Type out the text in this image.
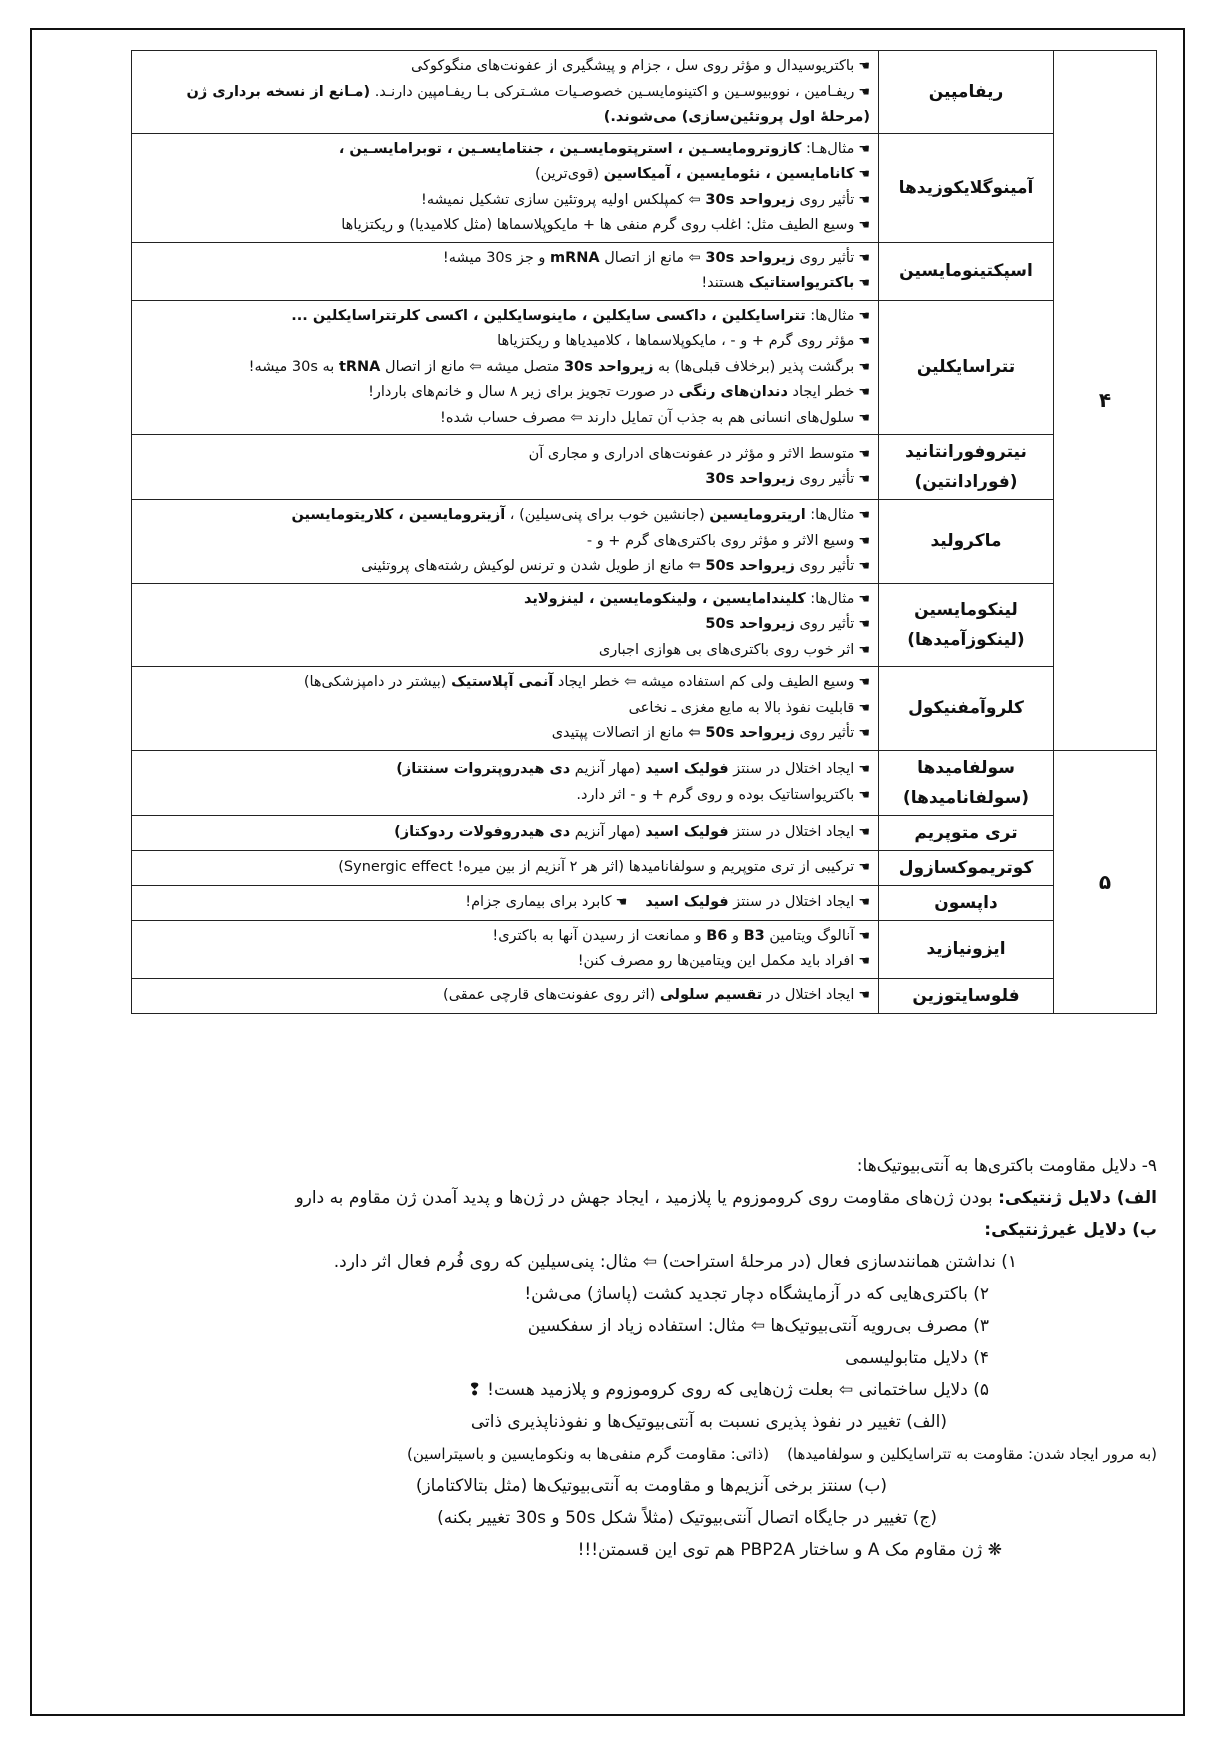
۴	ریفامپین	☚باکتریوسیدال و مؤثر روی سل ، جزام و پیشگیری از عفونت‌های منگوکوکی
☚ریفـامین ، نووبیوسـین و اکتینومایسـین خصوصـیات مشـترکی بـا ریفـامپین دارنـد. (مـانع از نسخه برداری ژن (مرحلهٔ اول پروتئین‌سازی) می‌شوند.)

	آمینوگلایکوزیدها	☚مثال‌هـا: کازوترومایسـین ، استرپتومایسـین ، جنتامایسـین ، توبرامایسـین ،
☚کانامایسین ، نئومایسین ، آمیکاسین (قوی‌ترین)
☚تأثیر روی زیرواحد 30s ⇦ کمپلکس اولیه پروتئین سازی تشکیل نمیشه!
☚وسیع الطیف مثل: اغلب روی گرم منفی ها + مایکوپلاسماها (مثل کلامیدیا) و ریکتزیاها

	اسپکتینومایسین	☚تأثیر روی زیرواحد 30s ⇦ مانع از اتصال mRNA و جز 30s میشه!
☚باکتریواستاتیک هستند!

	تتراسایکلین	☚مثال‌ها: تتراسایکلین ، داکسی سایکلین ، ماینوسایکلین ، اکسی کلرتتراسایکلین ...
☚مؤثر روی گرم + و - ، مایکوپلاسماها ، کلامیدیاها و ریکتزیاها
☚برگشت پذیر (برخلاف قبلی‌ها) به زیرواحد 30s متصل میشه ⇦ مانع از اتصال tRNA به 30s میشه!
☚خطر ایجاد دندان‌های رنگی در صورت تجویز برای زیر ۸ سال و خانم‌های باردار!
☚سلول‌های انسانی هم به جذب آن تمایل دارند ⇦ مصرف حساب شده!

	نیتروفورانتانید
(فورادانتین)	☚متوسط الاثر و مؤثر در عفونت‌های ادراری و مجاری آن
☚تأثیر روی زیرواحد 30s

	ماکرولید	☚مثال‌ها: اریترومایسین (جانشین خوب برای پنی‌سیلین) ، آزیترومایسین ، کلاریتومایسین
☚وسیع الاثر و مؤثر روی باکتری‌های گرم + و -
☚تأثیر روی زیرواحد 50s ⇦ مانع از طویل شدن و ترنس لوکیش رشته‌های پروتئینی

	لینکومایسین
(لینکوزآمیدها)	☚مثال‌ها: کلیندامایسین ، ولینکومایسین ، لینزولاید
☚تأثیر روی زیرواحد 50s
☚اثر خوب روی باکتری‌های بی هوازی اجباری

	کلروآمفنیکول	☚وسیع الطیف ولی کم استفاده میشه ⇦ خطر ایجاد آنمی آپلاستیک (بیشتر در دامپزشکی‌ها)
☚قابلیت نفوذ بالا به مایع مغزی ـ نخاعی
☚تأثیر روی زیرواحد 50s ⇦ مانع از اتصالات پپتیدی

۵	سولفامیدها
(سولفانامیدها)	☚ایجاد اختلال در سنتز فولیک اسید (مهار آنزیم دی هیدروپتروات سنتتاز)
☚باکتریواستاتیک بوده و روی گرم + و - اثر دارد.

	تری متوپریم	☚ایجاد اختلال در سنتز فولیک اسید (مهار آنزیم دی هیدروفولات ردوکتاز)

	کوتریموکسازول	☚ترکیبی از تری متوپریم و سولفانامیدها (اثر هر ۲ آنزیم از بین میره! Synergic effect)

	داپسون	☚ایجاد اختلال در سنتز فولیک اسید☚کابرد برای بیماری جزام!

	ایزونیازید	☚آنالوگ ویتامین B3 و B6 و ممانعت از رسیدن آنها به باکتری!
☚افراد باید مکمل این ویتامین‌ها رو مصرف کنن!

	فلوسایتوزین	☚ایجاد اختلال در تقسیم سلولی (اثر روی عفونت‌های قارچی عمقی)
۹- دلایل مقاومت باکتری‌ها به آنتی‌بیوتیک‌ها:
الف) دلایل ژنتیکی: بودن ژن‌های مقاومت روی کروموزوم یا پلازمید ، ایجاد جهش در ژن‌ها و پدید آمدن ژن مقاوم به دارو
ب) دلایل غیرژنتیکی:
۱) نداشتن همانندسازی فعال (در مرحلهٔ استراحت) ⇦ مثال: پنی‌سیلین که روی فُرم فعال اثر دارد.
۲) باکتری‌هایی که در آزمایشگاه دچار تجدید کشت (پاساژ) می‌شن!
۳) مصرف بی‌رویه آنتی‌بیوتیک‌ها ⇦ مثال: استفاده زیاد از سفکسین
۴) دلایل متابولیسمی
۵) دلایل ساختمانی ⇦ بعلت ژن‌هایی که روی کروموزوم و پلازمید هست! ❢
(الف) تغییر در نفوذ پذیری نسبت به آنتی‌بیوتیک‌ها و نفوذناپذیری ذاتی
(به مرور ایجاد شدن: مقاومت به تتراسایکلین و سولفامیدها)(ذاتی: مقاومت گرم منفی‌ها به ونکومایسین و باسیتراسین)
(ب) سنتز برخی آنزیم‌ها و مقاومت به آنتی‌بیوتیک‌ها (مثل بتالاکتاماز)
(ج) تغییر در جایگاه اتصال آنتی‌بیوتیک (مثلاً شکل 50s و 30s تغییر بکنه)
❋ ژن مقاوم مک A و ساختار PBP2A هم توی این قسمتن!!!
